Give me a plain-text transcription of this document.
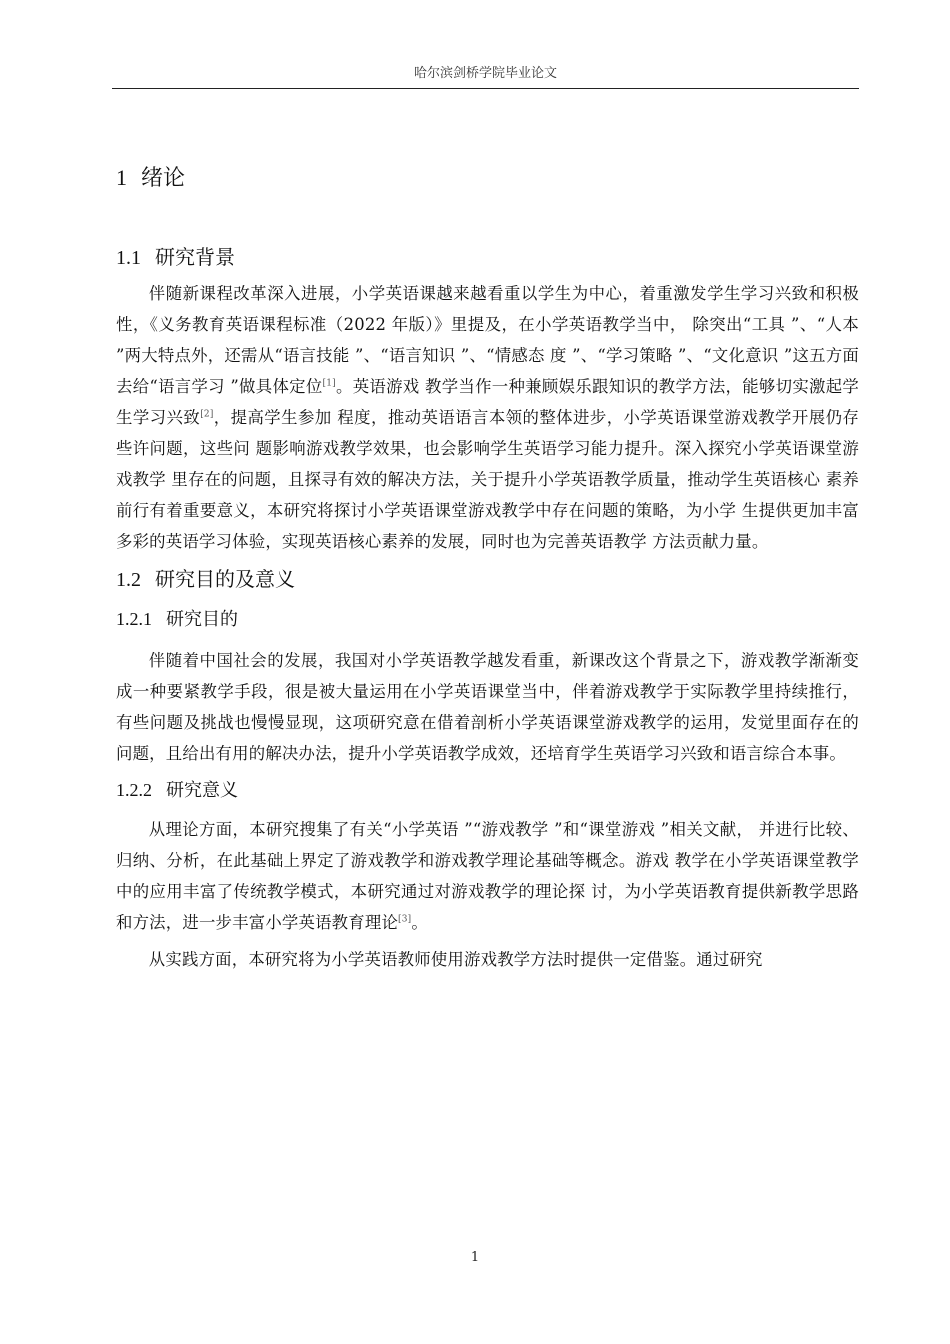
哈尔滨剑桥学院毕业论文
1 绪论
1.1 研究背景

伴随新课程改革深入进展，小学英语课越来越看重以学生为中心，着重激发学生学习兴致和积极性，《义务教育英语课程标准（2022 年版）》里提及，在小学英语教学当中， 除突出“工具 ”、“人本 ”两大特点外，还需从“语言技能 ”、“语言知识 ”、“情感态 度 ”、“学习策略 ”、“文化意识 ”这五方面去给“语言学习 ”做具体定位[1]。英语游戏 教学当作一种兼顾娱乐跟知识的教学方法，能够切实激起学生学习兴致[2]，提高学生参加 程度，推动英语语言本领的整体进步，小学英语课堂游戏教学开展仍存些许问题，这些问 题影响游戏教学效果，也会影响学生英语学习能力提升。深入探究小学英语课堂游戏教学 里存在的问题，且探寻有效的解决方法，关于提升小学英语教学质量，推动学生英语核心 素养前行有着重要意义，本研究将探讨小学英语课堂游戏教学中存在问题的策略，为小学 生提供更加丰富多彩的英语学习体验，实现英语核心素养的发展，同时也为完善英语教学 方法贡献力量。

1.2 研究目的及意义
1.2.1 研究目的

伴随着中国社会的发展，我国对小学英语教学越发看重，新课改这个背景之下，游戏教学渐渐变成一种要紧教学手段，很是被大量运用在小学英语课堂当中，伴着游戏教学于实际教学里持续推行，有些问题及挑战也慢慢显现，这项研究意在借着剖析小学英语课堂游戏教学的运用，发觉里面存在的问题，且给出有用的解决办法，提升小学英语教学成效，还培育学生英语学习兴致和语言综合本事。

1.2.2 研究意义

从理论方面，本研究搜集了有关“小学英语 ”“游戏教学 ”和“课堂游戏 ”相关文献， 并进行比较、归纳、分析，在此基础上界定了游戏教学和游戏教学理论基础等概念。游戏 教学在小学英语课堂教学中的应用丰富了传统教学模式，本研究通过对游戏教学的理论探 讨，为小学英语教育提供新教学思路和方法，进一步丰富小学英语教育理论[3]。

从实践方面，本研究将为小学英语教师使用游戏教学方法时提供一定借鉴。通过研究

1
